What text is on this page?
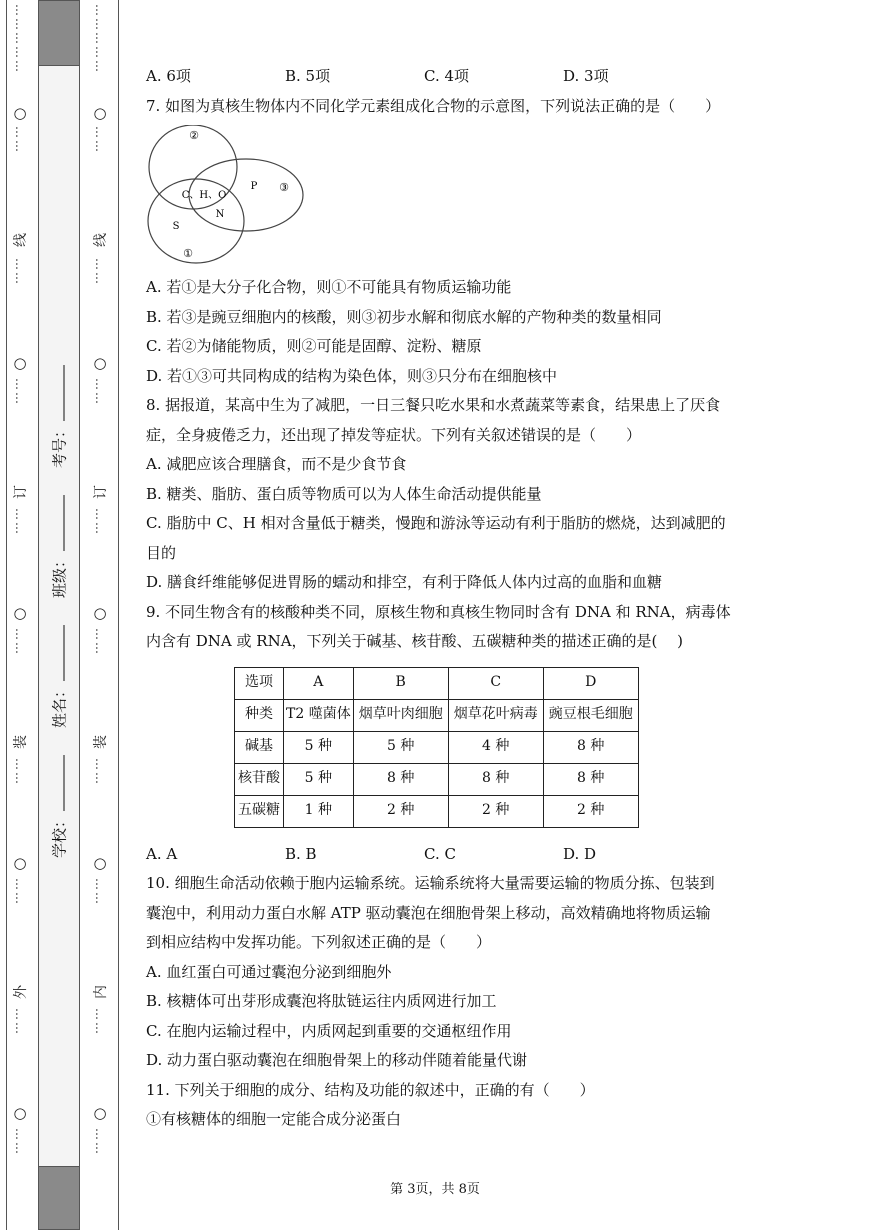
……………
○
……
线
……
○
……
订
……
○
……
装
……
○
……
外
……
○
……
学校：
姓名：
班级：
考号：
……………
○
……
线
……
○
……
订
……
○
……
装
……
○
……
内
……
○
……
A. 6项	B. 5项	C. 4项	D. 3项
7. 如图为真核生物体内不同化学元素组成化合物的示意图，下列说法正确的是（　　）
②
C、H、O
N
P ③
S
①
A. 若①是大分子化合物，则①不可能具有物质运输功能
B. 若③是豌豆细胞内的核酸，则③初步水解和彻底水解的产物种类的数量相同
C. 若②为储能物质，则②可能是固醇、淀粉、糖原
D. 若①③可共同构成的结构为染色体，则③只分布在细胞核中
8. 据报道，某高中生为了减肥，一日三餐只吃水果和水煮蔬菜等素食，结果患上了厌食
症，全身疲倦乏力，还出现了掉发等症状。下列有关叙述错误的是（　　）
A. 减肥应该合理膳食，而不是少食节食
B. 糖类、脂肪、蛋白质等物质可以为人体生命活动提供能量
C. 脂肪中 C、H 相对含量低于糖类，慢跑和游泳等运动有利于脂肪的燃烧，达到减肥的
目的
D. 膳食纤维能够促进胃肠的蠕动和排空，有利于降低人体内过高的血脂和血糖
9. 不同生物含有的核酸种类不同，原核生物和真核生物同时含有 DNA 和 RNA，病毒体
内含有 DNA 或 RNA，下列关于碱基、核苷酸、五碳糖种类的描述正确的是(　 )
选项	A	B	C	D
种类	T2 噬菌体	烟草叶肉细胞	烟草花叶病毒	豌豆根毛细胞
碱基	5 种	5 种	4 种	8 种
核苷酸	5 种	8 种	8 种	8 种
五碳糖	1 种	2 种	2 种	2 种
A. A	B. B	C. C	D. D
10. 细胞生命活动依赖于胞内运输系统。运输系统将大量需要运输的物质分拣、包装到
囊泡中，利用动力蛋白水解 ATP 驱动囊泡在细胞骨架上移动，高效精确地将物质运输
到相应结构中发挥功能。下列叙述正确的是（　　）
A. 血红蛋白可通过囊泡分泌到细胞外
B. 核糖体可出芽形成囊泡将肽链运往内质网进行加工
C. 在胞内运输过程中，内质网起到重要的交通枢纽作用
D. 动力蛋白驱动囊泡在细胞骨架上的移动伴随着能量代谢
11. 下列关于细胞的成分、结构及功能的叙述中，正确的有（　　）
①有核糖体的细胞一定能合成分泌蛋白
第 3页，共 8页
